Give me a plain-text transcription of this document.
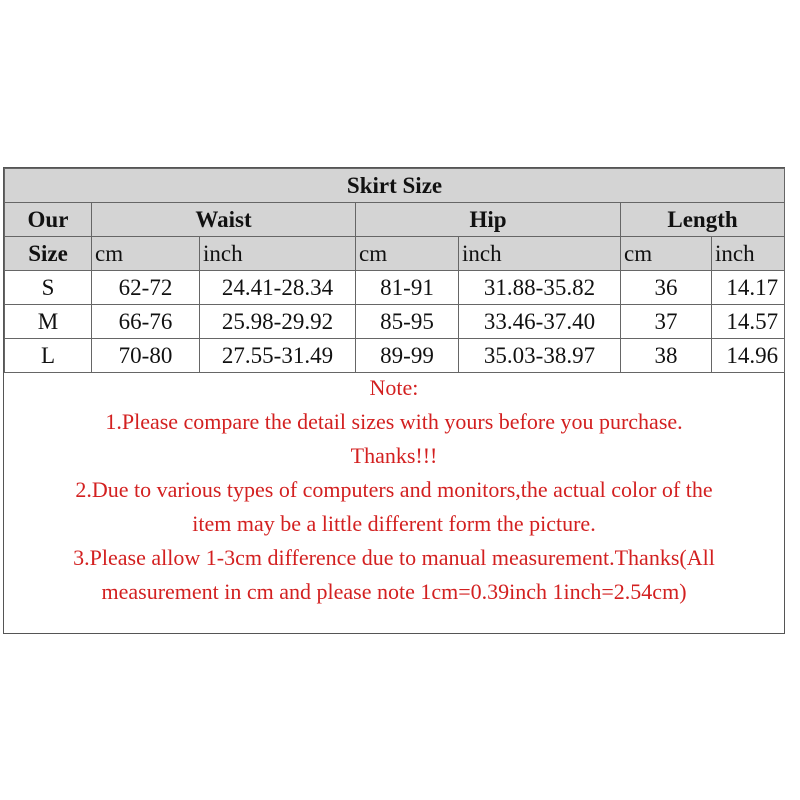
Skirt Size						
Our	Waist		Hip		Length	
Size	cm	inch	cm	inch	cm	inch
S	62-72	24.41-28.34	81-91	31.88-35.82	36	14.17
M	66-76	25.98-29.92	85-95	33.46-37.40	37	14.57
L	70-80	27.55-31.49	89-99	35.03-38.97	38	14.96
Note:
1.Please compare the detail sizes with yours before you purchase.
Thanks!!!
2.Due to various types of computers and monitors,the actual color of the
item may be a little different form the picture.
3.Please allow 1-3cm difference due to manual measurement.Thanks(All
measurement in cm and please note 1cm=0.39inch 1inch=2.54cm)
